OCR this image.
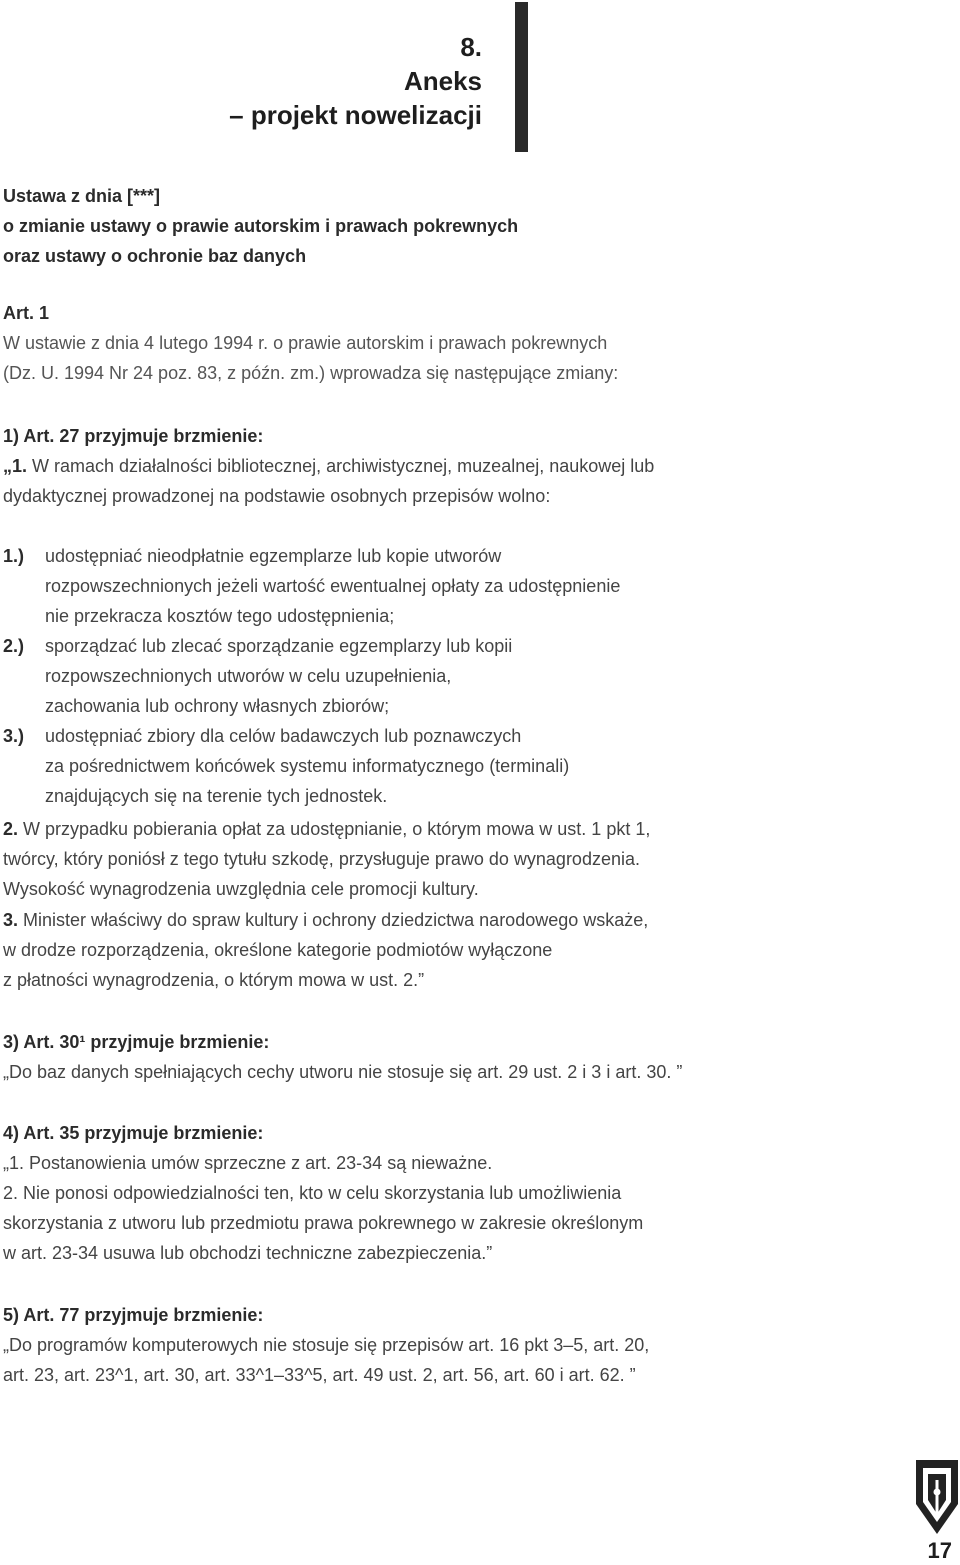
8.
Aneks
– projekt nowelizacji
Ustawa z dnia [***]
o zmianie ustawy o prawie autorskim i prawach pokrewnych
oraz ustawy o ochronie baz danych
Art. 1
W ustawie z dnia 4 lutego 1994 r. o prawie autorskim i prawach pokrewnych
(Dz. U. 1994 Nr 24 poz. 83, z późn. zm.) wprowadza się następujące zmiany:
1) Art. 27 przyjmuje brzmienie:
„1. W ramach działalności bibliotecznej, archiwistycznej, muzealnej, naukowej lub
dydaktycznej prowadzonej na podstawie osobnych przepisów wolno:
1.) udostępniać nieodpłatnie egzemplarze lub kopie utworów
rozpowszechnionych jeżeli wartość ewentualnej opłaty za udostępnienie
nie przekracza kosztów tego udostępnienia;
2.) sporządzać lub zlecać sporządzanie egzemplarzy lub kopii
rozpowszechnionych utworów w celu uzupełnienia,
zachowania lub ochrony własnych zbiorów;
3.) udostępniać zbiory dla celów badawczych lub poznawczych
za pośrednictwem końcówek systemu informatycznego (terminali)
znajdujących się na terenie tych jednostek.
2. W przypadku pobierania opłat za udostępnianie, o którym mowa w ust. 1 pkt 1,
twórcy, który poniósł z tego tytułu szkodę, przysługuje prawo do wynagrodzenia.
Wysokość wynagrodzenia uwzględnia cele promocji kultury.
3. Minister właściwy do spraw kultury i ochrony dziedzictwa narodowego wskaże,
w drodze rozporządzenia, określone kategorie podmiotów wyłączone
z płatności wynagrodzenia, o którym mowa w ust. 2.”
3) Art. 30¹ przyjmuje brzmienie:
„Do baz danych spełniających cechy utworu nie stosuje się art. 29 ust. 2 i 3 i art. 30. ”
4) Art. 35 przyjmuje brzmienie:
„1. Postanowienia umów sprzeczne z art. 23-34 są nieważne.
2. Nie ponosi odpowiedzialności ten, kto w celu skorzystania lub umożliwienia
skorzystania z utworu lub przedmiotu prawa pokrewnego w zakresie określonym
w art. 23-34 usuwa lub obchodzi techniczne zabezpieczenia.”
5) Art. 77 przyjmuje brzmienie:
„Do programów komputerowych nie stosuje się przepisów art. 16 pkt 3–5, art. 20,
art. 23, art. 23^1, art. 30, art. 33^1–33^5, art. 49 ust. 2, art. 56, art. 60 i art. 62. ”
17
